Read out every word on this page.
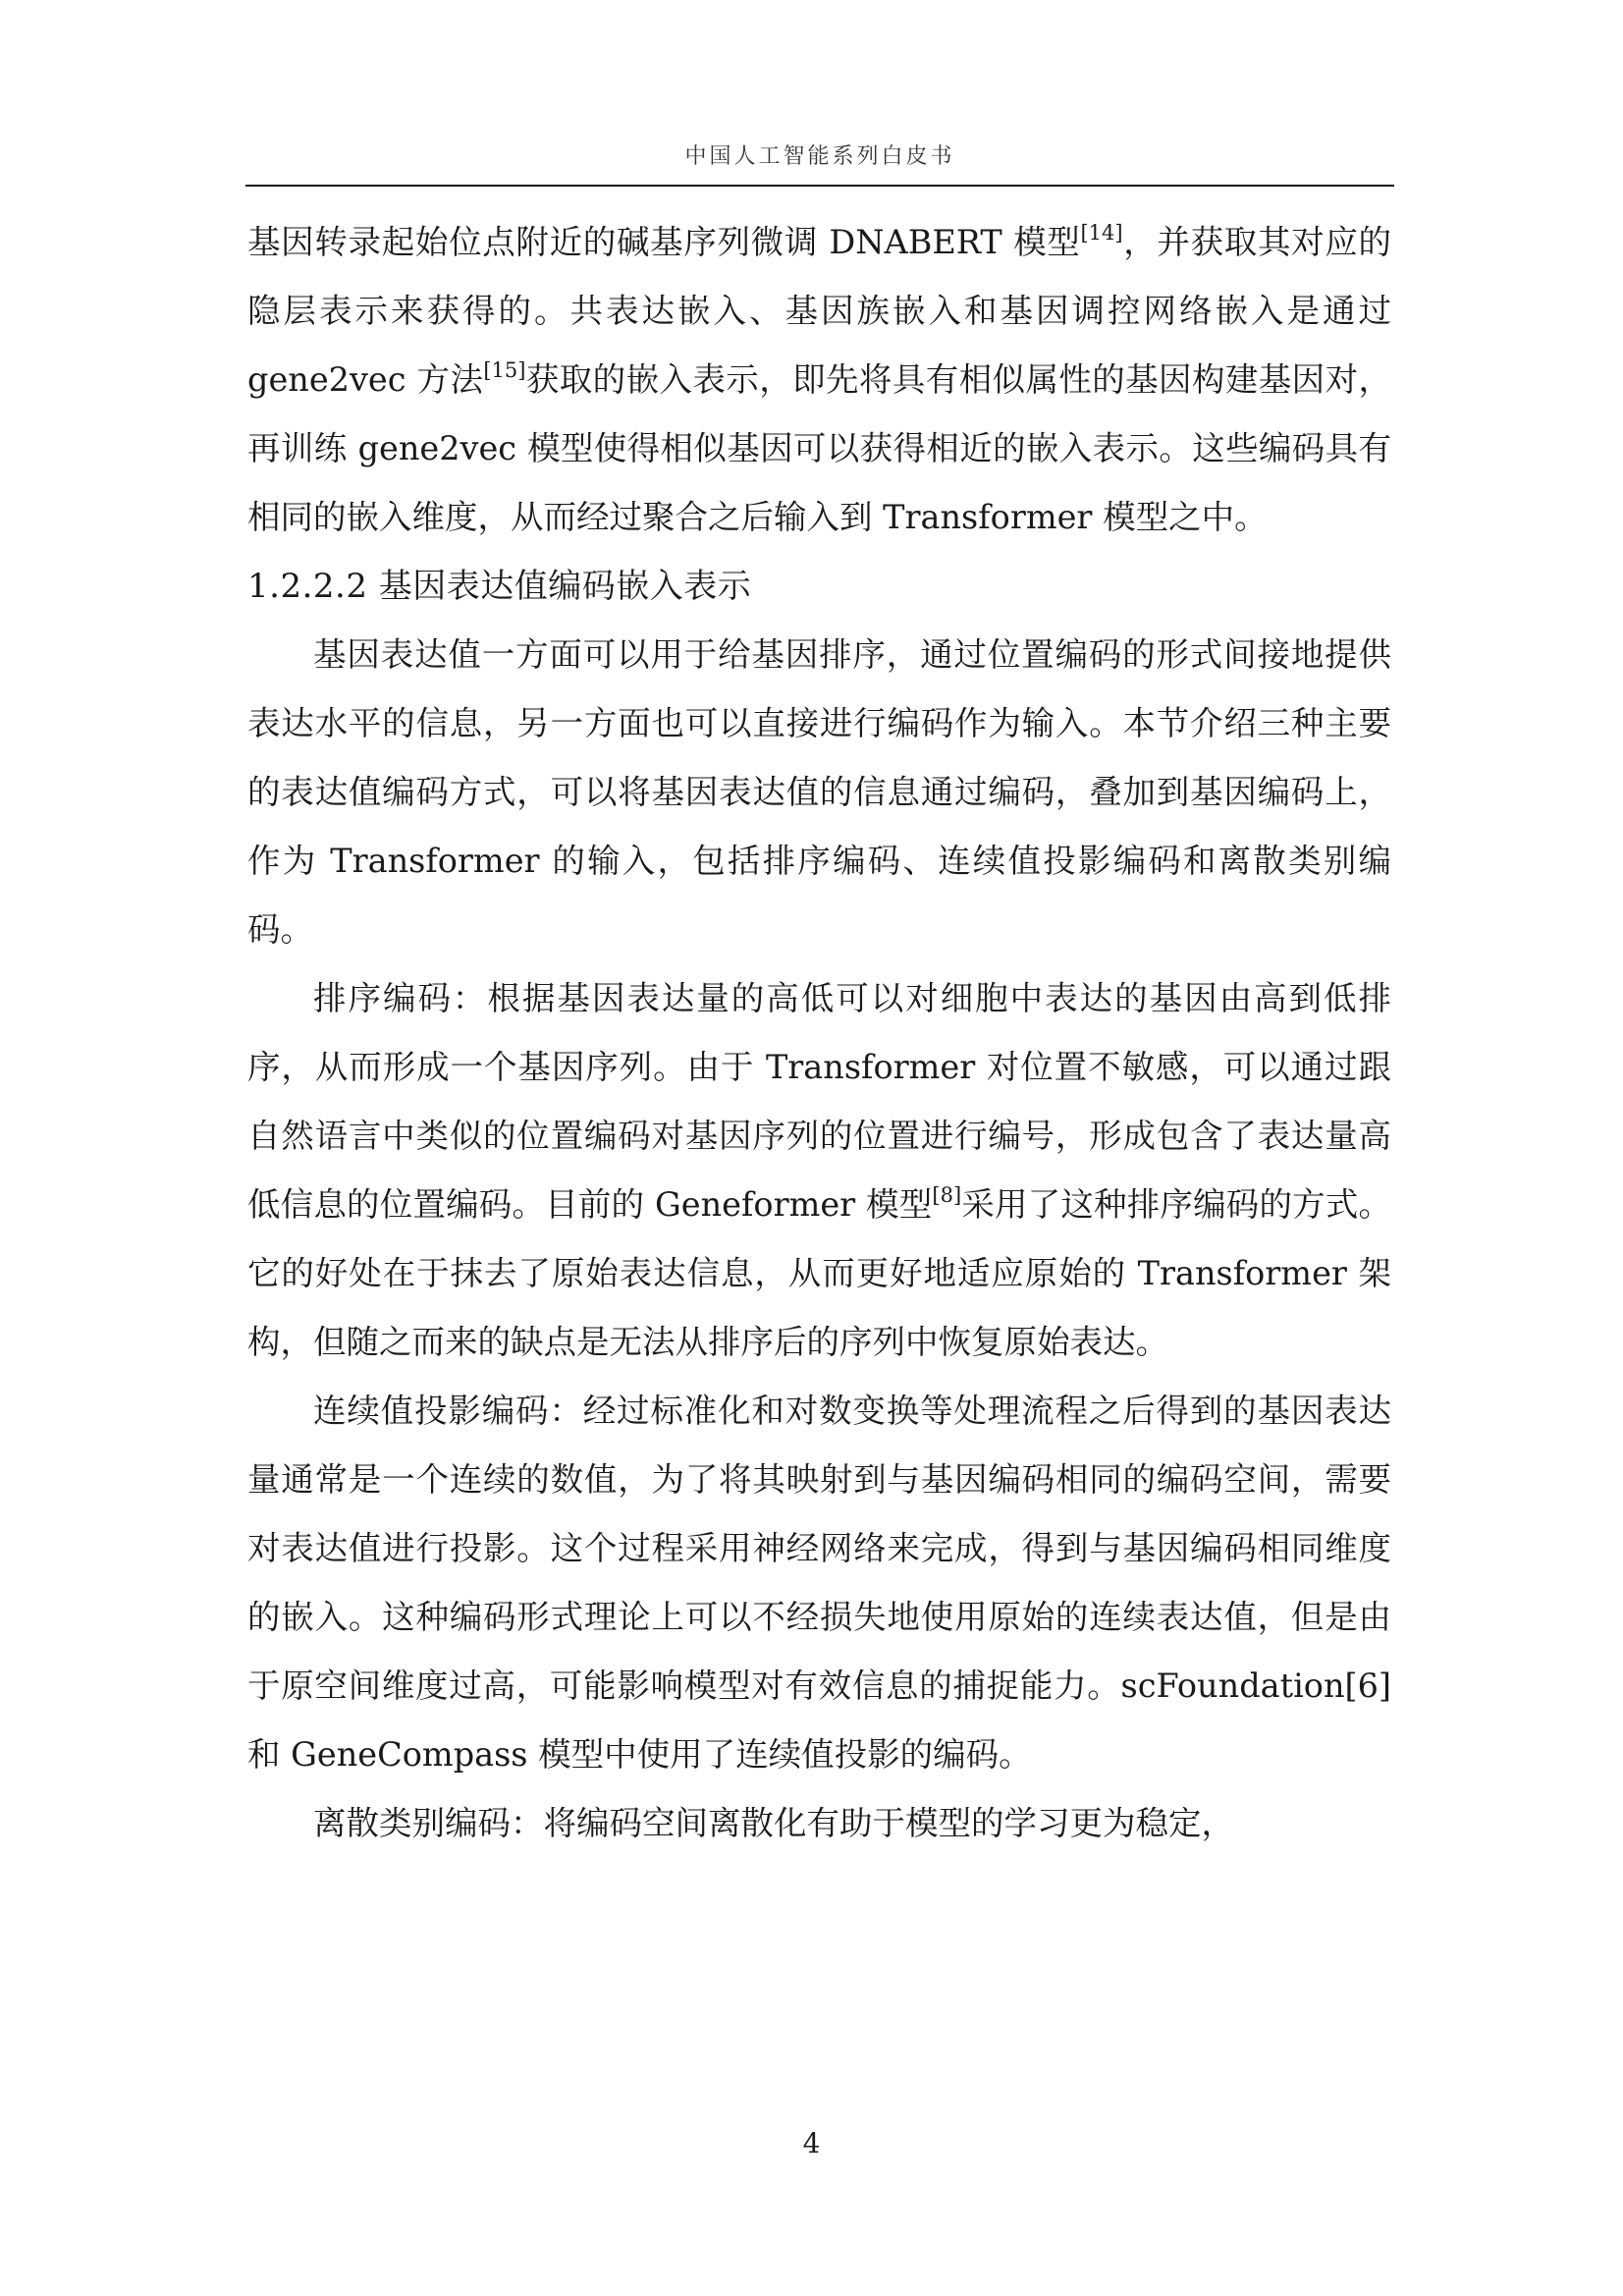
中国人工智能系列白皮书

基因转录起始位点附近的碱基序列微调 DNABERT 模型[14]，并获取其对应的隐层表示来获得的。共表达嵌入、基因族嵌入和基因调控网络嵌入是通过 gene2vec 方法[15]获取的嵌入表示，即先将具有相似属性的基因构建基因对，再训练 gene2vec 模型使得相似基因可以获得相近的嵌入表示。这些编码具有相同的嵌入维度，从而经过聚合之后输入到 Transformer 模型之中。

1.2.2.2 基因表达值编码嵌入表示

基因表达值一方面可以用于给基因排序，通过位置编码的形式间接地提供表达水平的信息，另一方面也可以直接进行编码作为输入。本节介绍三种主要的表达值编码方式，可以将基因表达值的信息通过编码，叠加到基因编码上，作为 Transformer 的输入，包括排序编码、连续值投影编码和离散类别编码。

排序编码：根据基因表达量的高低可以对细胞中表达的基因由高到低排序，从而形成一个基因序列。由于 Transformer 对位置不敏感，可以通过跟自然语言中类似的位置编码对基因序列的位置进行编号，形成包含了表达量高低信息的位置编码。目前的 Geneformer 模型[8]采用了这种排序编码的方式。它的好处在于抹去了原始表达信息，从而更好地适应原始的 Transformer 架构，但随之而来的缺点是无法从排序后的序列中恢复原始表达。

连续值投影编码：经过标准化和对数变换等处理流程之后得到的基因表达量通常是一个连续的数值，为了将其映射到与基因编码相同的编码空间，需要对表达值进行投影。这个过程采用神经网络来完成，得到与基因编码相同维度的嵌入。这种编码形式理论上可以不经损失地使用原始的连续表达值，但是由于原空间维度过高，可能影响模型对有效信息的捕捉能力。scFoundation[6] 和 GeneCompass 模型中使用了连续值投影的编码。

离散类别编码：将编码空间离散化有助于模型的学习更为稳定，

4
